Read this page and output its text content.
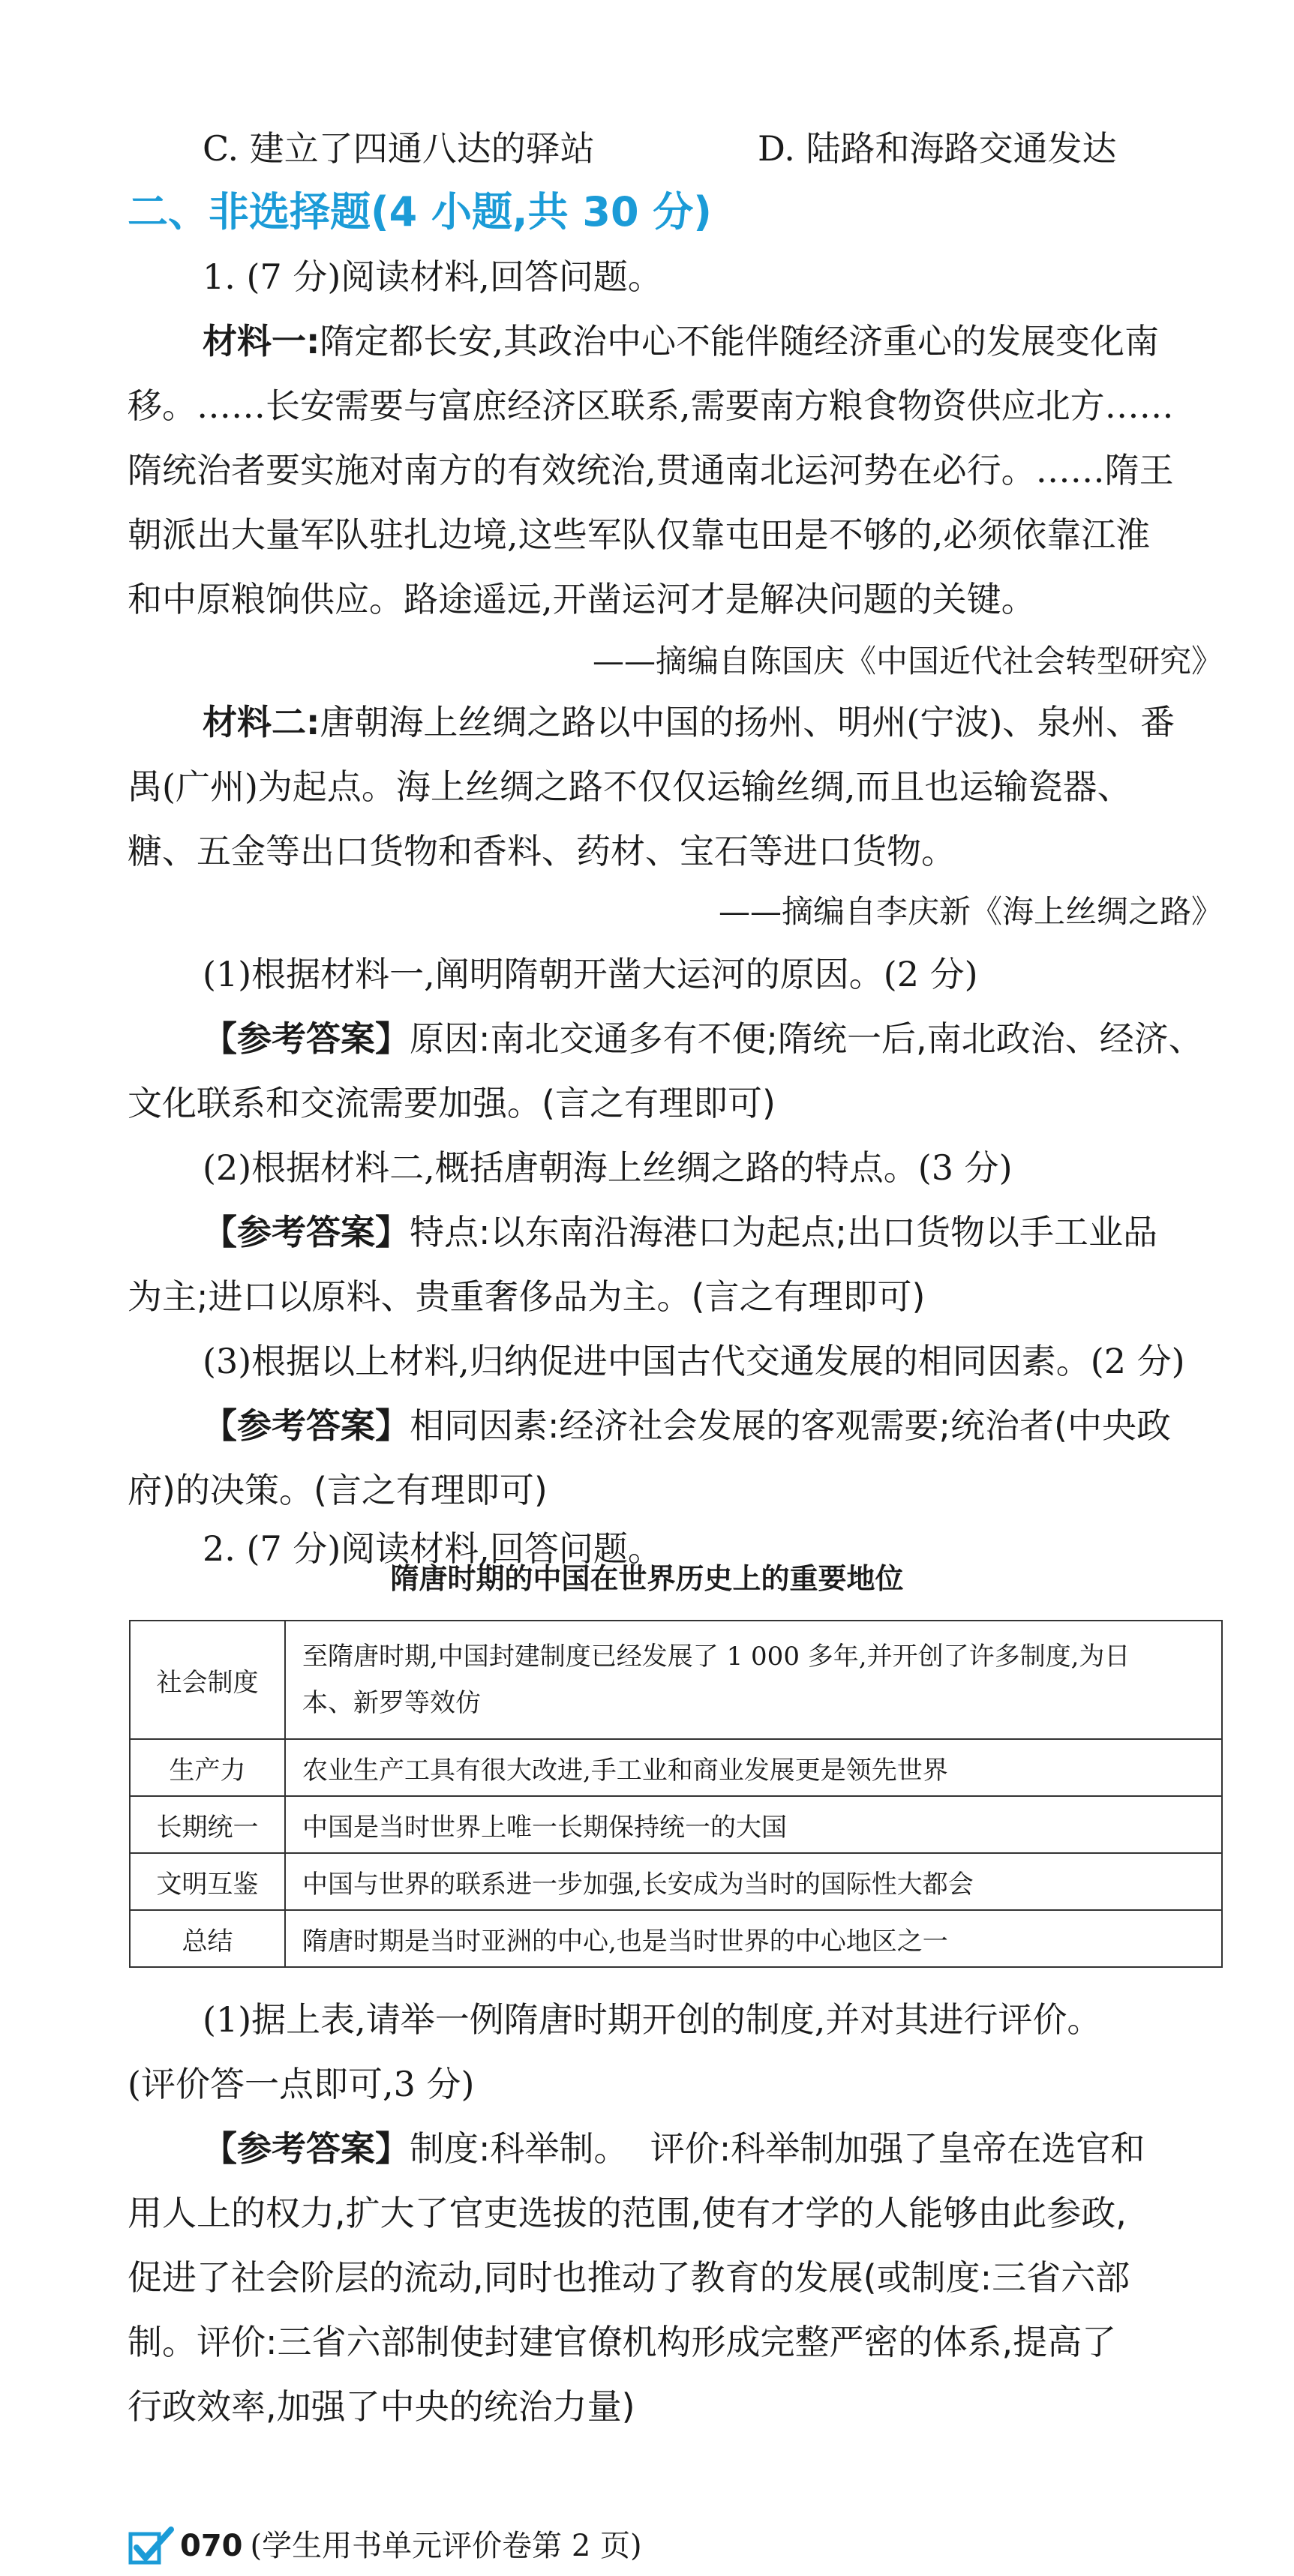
C. 建立了四通八达的驿站	D. 陆路和海路交通发达
二、非选择题(4 小题,共 30 分)
1. (7 分)阅读材料,回答问题。
材料一:隋定都长安,其政治中心不能伴随经济重心的发展变化南
移。……长安需要与富庶经济区联系,需要南方粮食物资供应北方……
隋统治者要实施对南方的有效统治,贯通南北运河势在必行。……隋王
朝派出大量军队驻扎边境,这些军队仅靠屯田是不够的,必须依靠江淮
和中原粮饷供应。路途遥远,开凿运河才是解决问题的关键。
——摘编自陈国庆《中国近代社会转型研究》
材料二:唐朝海上丝绸之路以中国的扬州、明州(宁波)、泉州、番
禺(广州)为起点。海上丝绸之路不仅仅运输丝绸,而且也运输瓷器、
糖、五金等出口货物和香料、药材、宝石等进口货物。
——摘编自李庆新《海上丝绸之路》
(1)根据材料一,阐明隋朝开凿大运河的原因。(2 分)
【参考答案】原因:南北交通多有不便;隋统一后,南北政治、经济、
文化联系和交流需要加强。(言之有理即可)
(2)根据材料二,概括唐朝海上丝绸之路的特点。(3 分)
【参考答案】特点:以东南沿海港口为起点;出口货物以手工业品
为主;进口以原料、贵重奢侈品为主。(言之有理即可)
(3)根据以上材料,归纳促进中国古代交通发展的相同因素。(2 分)
【参考答案】相同因素:经济社会发展的客观需要;统治者(中央政
府)的决策。(言之有理即可)
2. (7 分)阅读材料,回答问题。
隋唐时期的中国在世界历史上的重要地位
社会制度	至隋唐时期,中国封建制度已经发展了 1 000 多年,并开创了许多制度,为日
本、新罗等效仿

生产力	农业生产工具有很大改进,手工业和商业发展更是领先世界
长期统一	中国是当时世界上唯一长期保持统一的大国
文明互鉴	中国与世界的联系进一步加强,长安成为当时的国际性大都会
总结	隋唐时期是当时亚洲的中心,也是当时世界的中心地区之一
(1)据上表,请举一例隋唐时期开创的制度,并对其进行评价。
(评价答一点即可,3 分)
【参考答案】制度:科举制。  评价:科举制加强了皇帝在选官和
用人上的权力,扩大了官吏选拔的范围,使有才学的人能够由此参政,
促进了社会阶层的流动,同时也推动了教育的发展(或制度:三省六部
制。评价:三省六部制使封建官僚机构形成完整严密的体系,提高了
行政效率,加强了中央的统治力量)
070 (学生用书单元评价卷第 2 页)
